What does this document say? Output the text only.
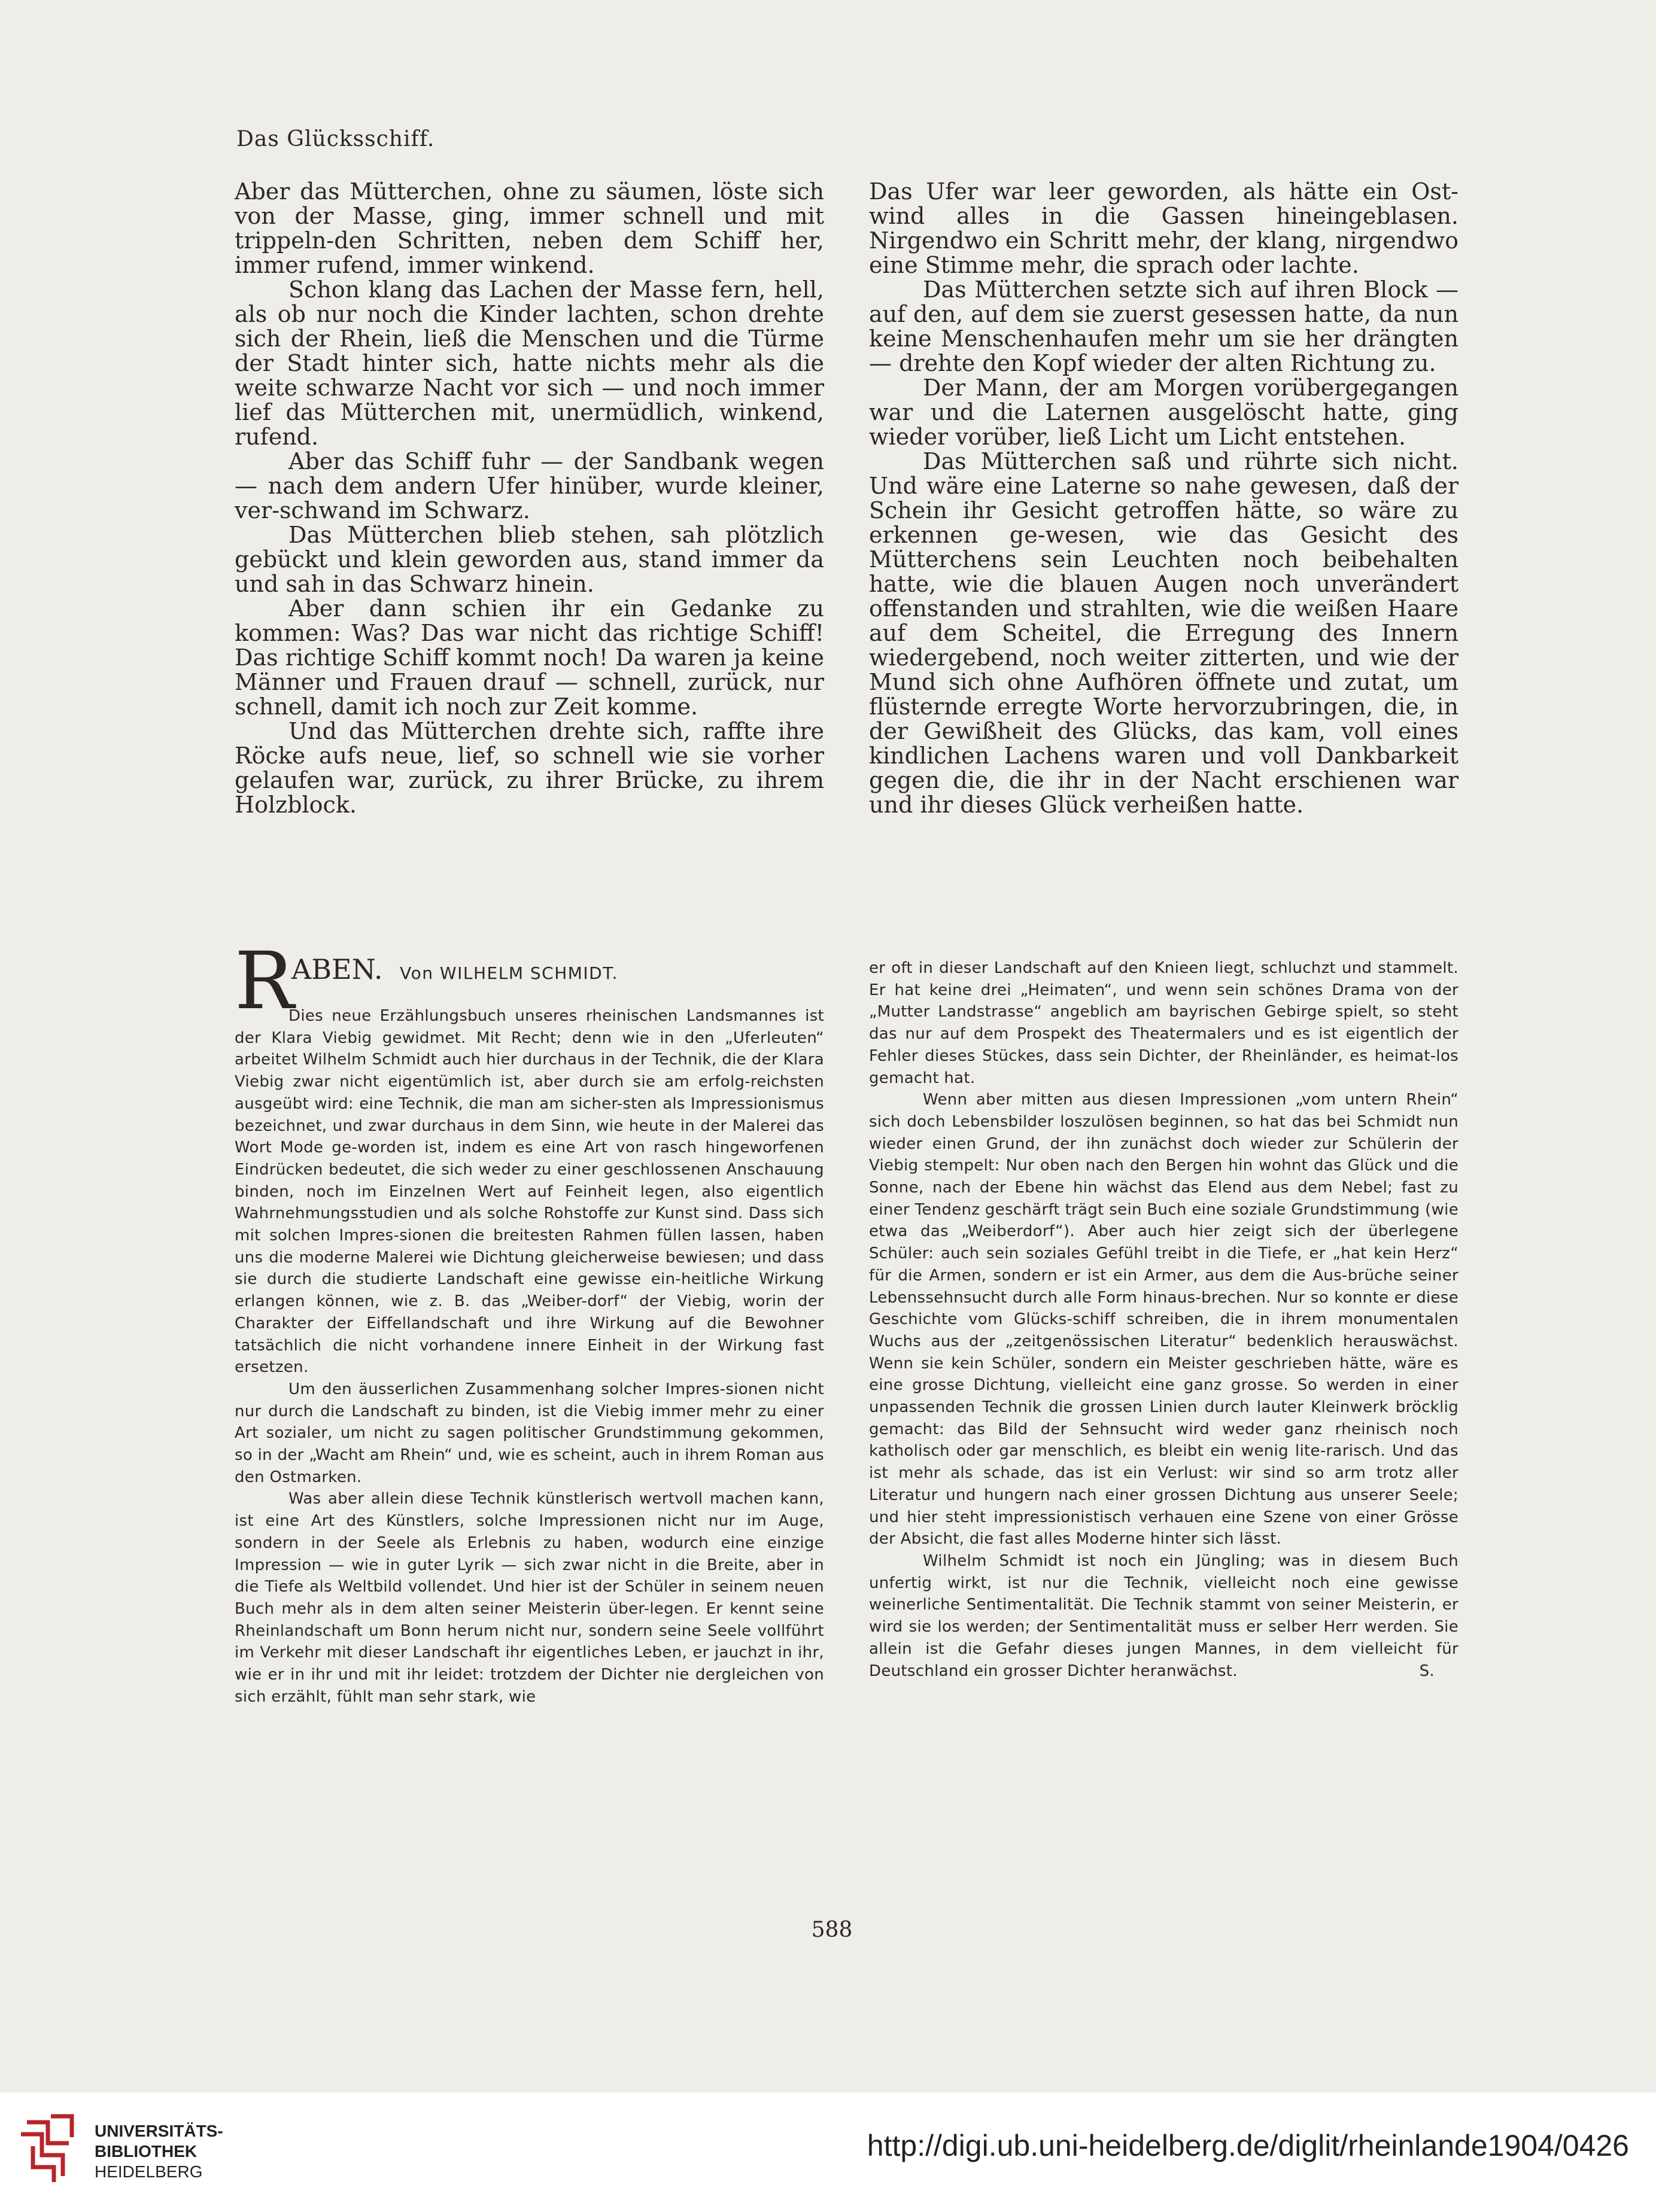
Das Glücksschiff.

Aber das Mütterchen, ohne zu säumen, löste sich von der Masse, ging, immer schnell und mit trippeln-den Schritten, neben dem Schiff her, immer rufend, immer winkend.

Schon klang das Lachen der Masse fern, hell, als ob nur noch die Kinder lachten, schon drehte sich der Rhein, ließ die Menschen und die Türme der Stadt hinter sich, hatte nichts mehr als die weite schwarze Nacht vor sich — und noch immer lief das Mütterchen mit, unermüdlich, winkend, rufend.

Aber das Schiff fuhr — der Sandbank wegen — nach dem andern Ufer hinüber, wurde kleiner, ver-schwand im Schwarz.

Das Mütterchen blieb stehen, sah plötzlich gebückt und klein geworden aus, stand immer da und sah in das Schwarz hinein.

Aber dann schien ihr ein Gedanke zu kommen: Was? Das war nicht das richtige Schiff! Das richtige Schiff kommt noch! Da waren ja keine Männer und Frauen drauf — schnell, zurück, nur schnell, damit ich noch zur Zeit komme.

Und das Mütterchen drehte sich, raffte ihre Röcke aufs neue, lief, so schnell wie sie vorher gelaufen war, zurück, zu ihrer Brücke, zu ihrem Holzblock.

Das Ufer war leer geworden, als hätte ein Ost-wind alles in die Gassen hineingeblasen. Nirgendwo ein Schritt mehr, der klang, nirgendwo eine Stimme mehr, die sprach oder lachte.

Das Mütterchen setzte sich auf ihren Block — auf den, auf dem sie zuerst gesessen hatte, da nun keine Menschenhaufen mehr um sie her drängten — drehte den Kopf wieder der alten Richtung zu.

Der Mann, der am Morgen vorübergegangen war und die Laternen ausgelöscht hatte, ging wieder vorüber, ließ Licht um Licht entstehen.

Das Mütterchen saß und rührte sich nicht. Und wäre eine Laterne so nahe gewesen, daß der Schein ihr Gesicht getroffen hätte, so wäre zu erkennen ge-wesen, wie das Gesicht des Mütterchens sein Leuchten noch beibehalten hatte, wie die blauen Augen noch unverändert offenstanden und strahlten, wie die weißen Haare auf dem Scheitel, die Erregung des Innern wiedergebend, noch weiter zitterten, und wie der Mund sich ohne Aufhören öffnete und zutat, um flüsternde erregte Worte hervorzubringen, die, in der Gewißheit des Glücks, das kam, voll eines kindlichen Lachens waren und voll Dankbarkeit gegen die, die ihr in der Nacht erschienen war und ihr dieses Glück verheißen hatte.

R
ABEN. Von WILHELM SCHMIDT.

Dies neue Erzählungsbuch unseres rheinischen Landsmannes ist der Klara Viebig gewidmet. Mit Recht; denn wie in den „Uferleuten“ arbeitet Wilhelm Schmidt auch hier durchaus in der Technik, die der Klara Viebig zwar nicht eigentümlich ist, aber durch sie am erfolg-reichsten ausgeübt wird: eine Technik, die man am sicher-sten als Impressionismus bezeichnet, und zwar durchaus in dem Sinn, wie heute in der Malerei das Wort Mode ge-worden ist, indem es eine Art von rasch hingeworfenen Eindrücken bedeutet, die sich weder zu einer geschlossenen Anschauung binden, noch im Einzelnen Wert auf Feinheit legen, also eigentlich Wahrnehmungsstudien und als solche Rohstoffe zur Kunst sind. Dass sich mit solchen Impres-sionen die breitesten Rahmen füllen lassen, haben uns die moderne Malerei wie Dichtung gleicherweise bewiesen; und dass sie durch die studierte Landschaft eine gewisse ein-heitliche Wirkung erlangen können, wie z. B. das „Weiber-dorf“ der Viebig, worin der Charakter der Eiffellandschaft und ihre Wirkung auf die Bewohner tatsächlich die nicht vorhandene innere Einheit in der Wirkung fast ersetzen.

Um den äusserlichen Zusammenhang solcher Impres-sionen nicht nur durch die Landschaft zu binden, ist die Viebig immer mehr zu einer Art sozialer, um nicht zu sagen politischer Grundstimmung gekommen, so in der „Wacht am Rhein“ und, wie es scheint, auch in ihrem Roman aus den Ostmarken.

Was aber allein diese Technik künstlerisch wertvoll machen kann, ist eine Art des Künstlers, solche Impressionen nicht nur im Auge, sondern in der Seele als Erlebnis zu haben, wodurch eine einzige Impression — wie in guter Lyrik — sich zwar nicht in die Breite, aber in die Tiefe als Weltbild vollendet. Und hier ist der Schüler in seinem neuen Buch mehr als in dem alten seiner Meisterin über-legen. Er kennt seine Rheinlandschaft um Bonn herum nicht nur, sondern seine Seele vollführt im Verkehr mit dieser Landschaft ihr eigentliches Leben, er jauchzt in ihr, wie er in ihr und mit ihr leidet: trotzdem der Dichter nie dergleichen von sich erzählt, fühlt man sehr stark, wie

er oft in dieser Landschaft auf den Knieen liegt, schluchzt und stammelt. Er hat keine drei „Heimaten“, und wenn sein schönes Drama von der „Mutter Landstrasse“ angeblich am bayrischen Gebirge spielt, so steht das nur auf dem Prospekt des Theatermalers und es ist eigentlich der Fehler dieses Stückes, dass sein Dichter, der Rheinländer, es heimat-los gemacht hat.

Wenn aber mitten aus diesen Impressionen „vom untern Rhein“ sich doch Lebensbilder loszulösen beginnen, so hat das bei Schmidt nun wieder einen Grund, der ihn zunächst doch wieder zur Schülerin der Viebig stempelt: Nur oben nach den Bergen hin wohnt das Glück und die Sonne, nach der Ebene hin wächst das Elend aus dem Nebel; fast zu einer Tendenz geschärft trägt sein Buch eine soziale Grundstimmung (wie etwa das „Weiberdorf“). Aber auch hier zeigt sich der überlegene Schüler: auch sein soziales Gefühl treibt in die Tiefe, er „hat kein Herz“ für die Armen, sondern er ist ein Armer, aus dem die Aus-brüche seiner Lebenssehnsucht durch alle Form hinaus-brechen. Nur so konnte er diese Geschichte vom Glücks-schiff schreiben, die in ihrem monumentalen Wuchs aus der „zeitgenössischen Literatur“ bedenklich herauswächst. Wenn sie kein Schüler, sondern ein Meister geschrieben hätte, wäre es eine grosse Dichtung, vielleicht eine ganz grosse. So werden in einer unpassenden Technik die grossen Linien durch lauter Kleinwerk bröcklig gemacht: das Bild der Sehnsucht wird weder ganz rheinisch noch katholisch oder gar menschlich, es bleibt ein wenig lite-rarisch. Und das ist mehr als schade, das ist ein Verlust: wir sind so arm trotz aller Literatur und hungern nach einer grossen Dichtung aus unserer Seele; und hier steht impressionistisch verhauen eine Szene von einer Grösse der Absicht, die fast alles Moderne hinter sich lässt.

Wilhelm Schmidt ist noch ein Jüngling; was in diesem Buch unfertig wirkt, ist nur die Technik, vielleicht noch eine gewisse weinerliche Sentimentalität. Die Technik stammt von seiner Meisterin, er wird sie los werden; der Sentimentalität muss er selber Herr werden. Sie allein ist die Gefahr dieses jungen Mannes, in dem vielleicht für Deutschland ein grosser Dichter heranwächst.	S.

588
UNIVERSITÄTS-
BIBLIOTHEK
HEIDELBERG
http://digi.ub.uni-heidelberg.de/diglit/rheinlande1904/0426
